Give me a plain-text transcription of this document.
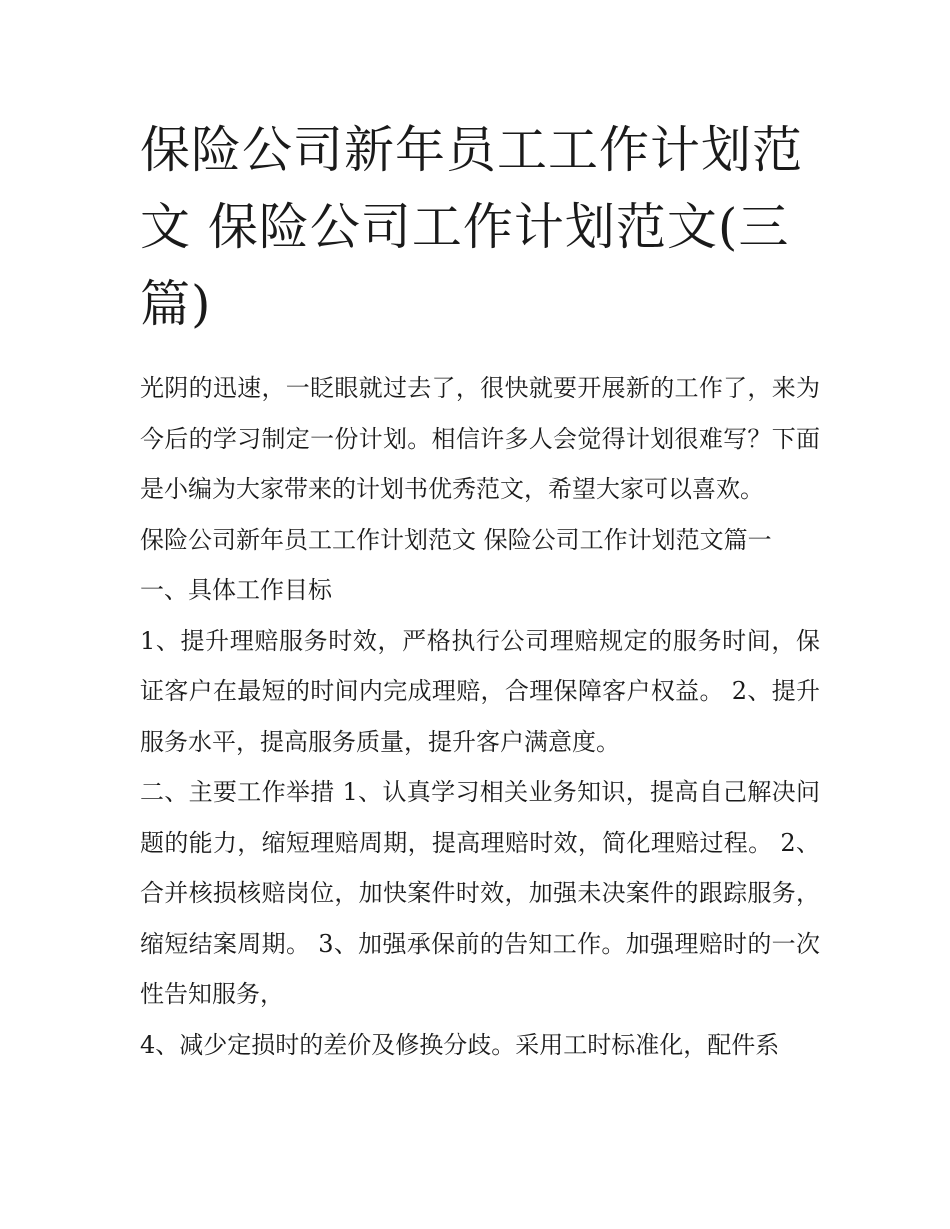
保险公司新年员工工作计划范文 保险公司工作计划范文(三篇)

光阴的迅速，一眨眼就过去了，很快就要开展新的工作了，来为今后的学习制定一份计划。相信许多人会觉得计划很难写？下面是小编为大家带来的计划书优秀范文，希望大家可以喜欢。

保险公司新年员工工作计划范文 保险公司工作计划范文篇一

一、具体工作目标

1、提升理赔服务时效，严格执行公司理赔规定的服务时间，保证客户在最短的时间内完成理赔，合理保障客户权益。 2、提升服务水平，提高服务质量，提升客户满意度。

二、主要工作举措 1、认真学习相关业务知识，提高自己解决问题的能力，缩短理赔周期，提高理赔时效，简化理赔过程。 2、合并核损核赔岗位，加快案件时效，加强未决案件的跟踪服务，缩短结案周期。 3、加强承保前的告知工作。加强理赔时的一次性告知服务，

4、减少定损时的差价及修换分歧。采用工时标准化，配件系
